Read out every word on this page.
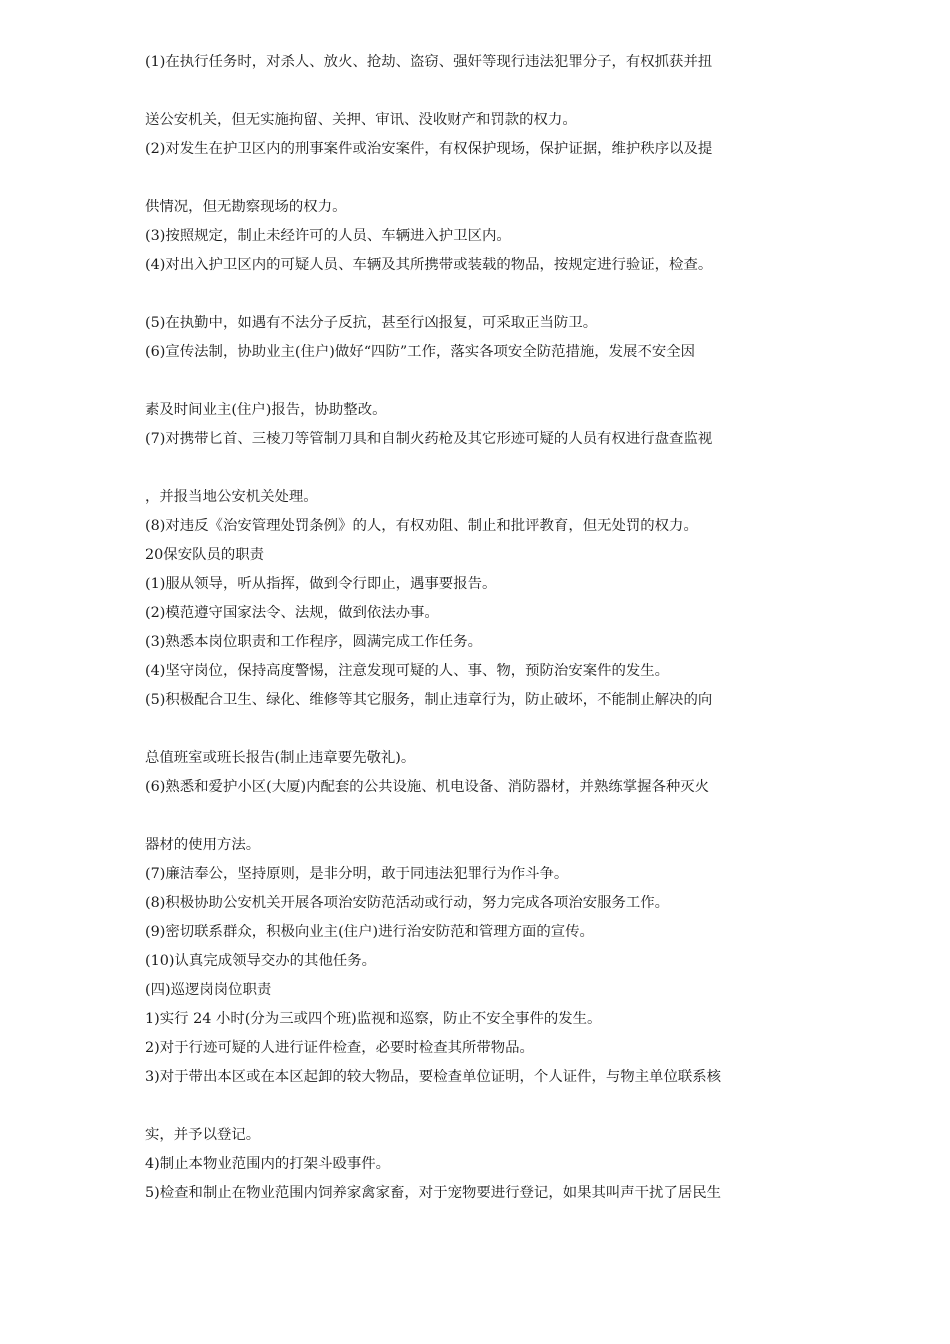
(1)在执行任务时，对杀人、放火、抢劫、盗窃、强奸等现行违法犯罪分子，有权抓获并扭
送公安机关，但无实施拘留、关押、审讯、没收财产和罚款的权力。
(2)对发生在护卫区内的刑事案件或治安案件，有权保护现场，保护证据，维护秩序以及提
供情况，但无勘察现场的权力。
(3)按照规定，制止未经许可的人员、车辆进入护卫区内。
(4)对出入护卫区内的可疑人员、车辆及其所携带或装载的物品，按规定进行验证，检查。
(5)在执勤中，如遇有不法分子反抗，甚至行凶报复，可采取正当防卫。
(6)宣传法制，协助业主(住户)做好“四防”工作，落实各项安全防范措施，发展不安全因
素及时间业主(住户)报告，协助整改。
(7)对携带匕首、三棱刀等管制刀具和自制火药枪及其它形迹可疑的人员有权进行盘查监视
，并报当地公安机关处理。
(8)对违反《治安管理处罚条例》的人，有权劝阻、制止和批评教育，但无处罚的权力。
20保安队员的职责
(1)服从领导，听从指挥，做到令行即止，遇事要报告。
(2)模范遵守国家法令、法规，做到依法办事。
(3)熟悉本岗位职责和工作程序，圆满完成工作任务。
(4)坚守岗位，保持高度警惕，注意发现可疑的人、事、物，预防治安案件的发生。
(5)积极配合卫生、绿化、维修等其它服务，制止违章行为，防止破坏，不能制止解决的向
总值班室或班长报告(制止违章要先敬礼)。
(6)熟悉和爱护小区(大厦)内配套的公共设施、机电设备、消防器材，并熟练掌握各种灭火
器材的使用方法。
(7)廉洁奉公，坚持原则，是非分明，敢于同违法犯罪行为作斗争。
(8)积极协助公安机关开展各项治安防范活动或行动，努力完成各项治安服务工作。
(9)密切联系群众，积极向业主(住户)进行治安防范和管理方面的宣传。
(10)认真完成领导交办的其他任务。
(四)巡逻岗岗位职责
1)实行 24 小时(分为三或四个班)监视和巡察，防止不安全事件的发生。
2)对于行迹可疑的人进行证件检查，必要时检查其所带物品。
3)对于带出本区或在本区起卸的较大物品，要检查单位证明，个人证件，与物主单位联系核
实，并予以登记。
4)制止本物业范围内的打架斗殴事件。
5)检查和制止在物业范围内饲养家禽家畜，对于宠物要进行登记，如果其叫声干扰了居民生
